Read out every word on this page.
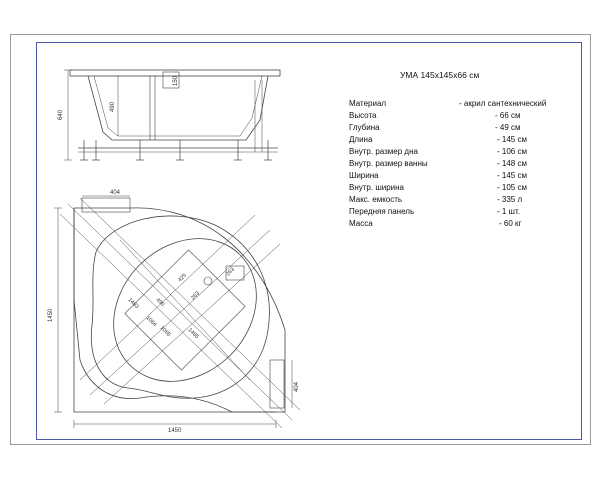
640
490
150
1450
1450
404
404
425
263
263
1483	490
1065	1485
1064
УМА 145х145х66 см
Материал	- акрил сантехнический
Высота	- 66 см
Глубина	- 49 см
Длина	- 145 см
Внутр. размер дна	- 106 см
Внутр. размер ванны	- 148 см
Ширина	- 145 см
Внутр. ширина	- 105 см
Макс. емкость	- 335 л
Передняя панель	- 1 шт.
Масса	- 60 кг
